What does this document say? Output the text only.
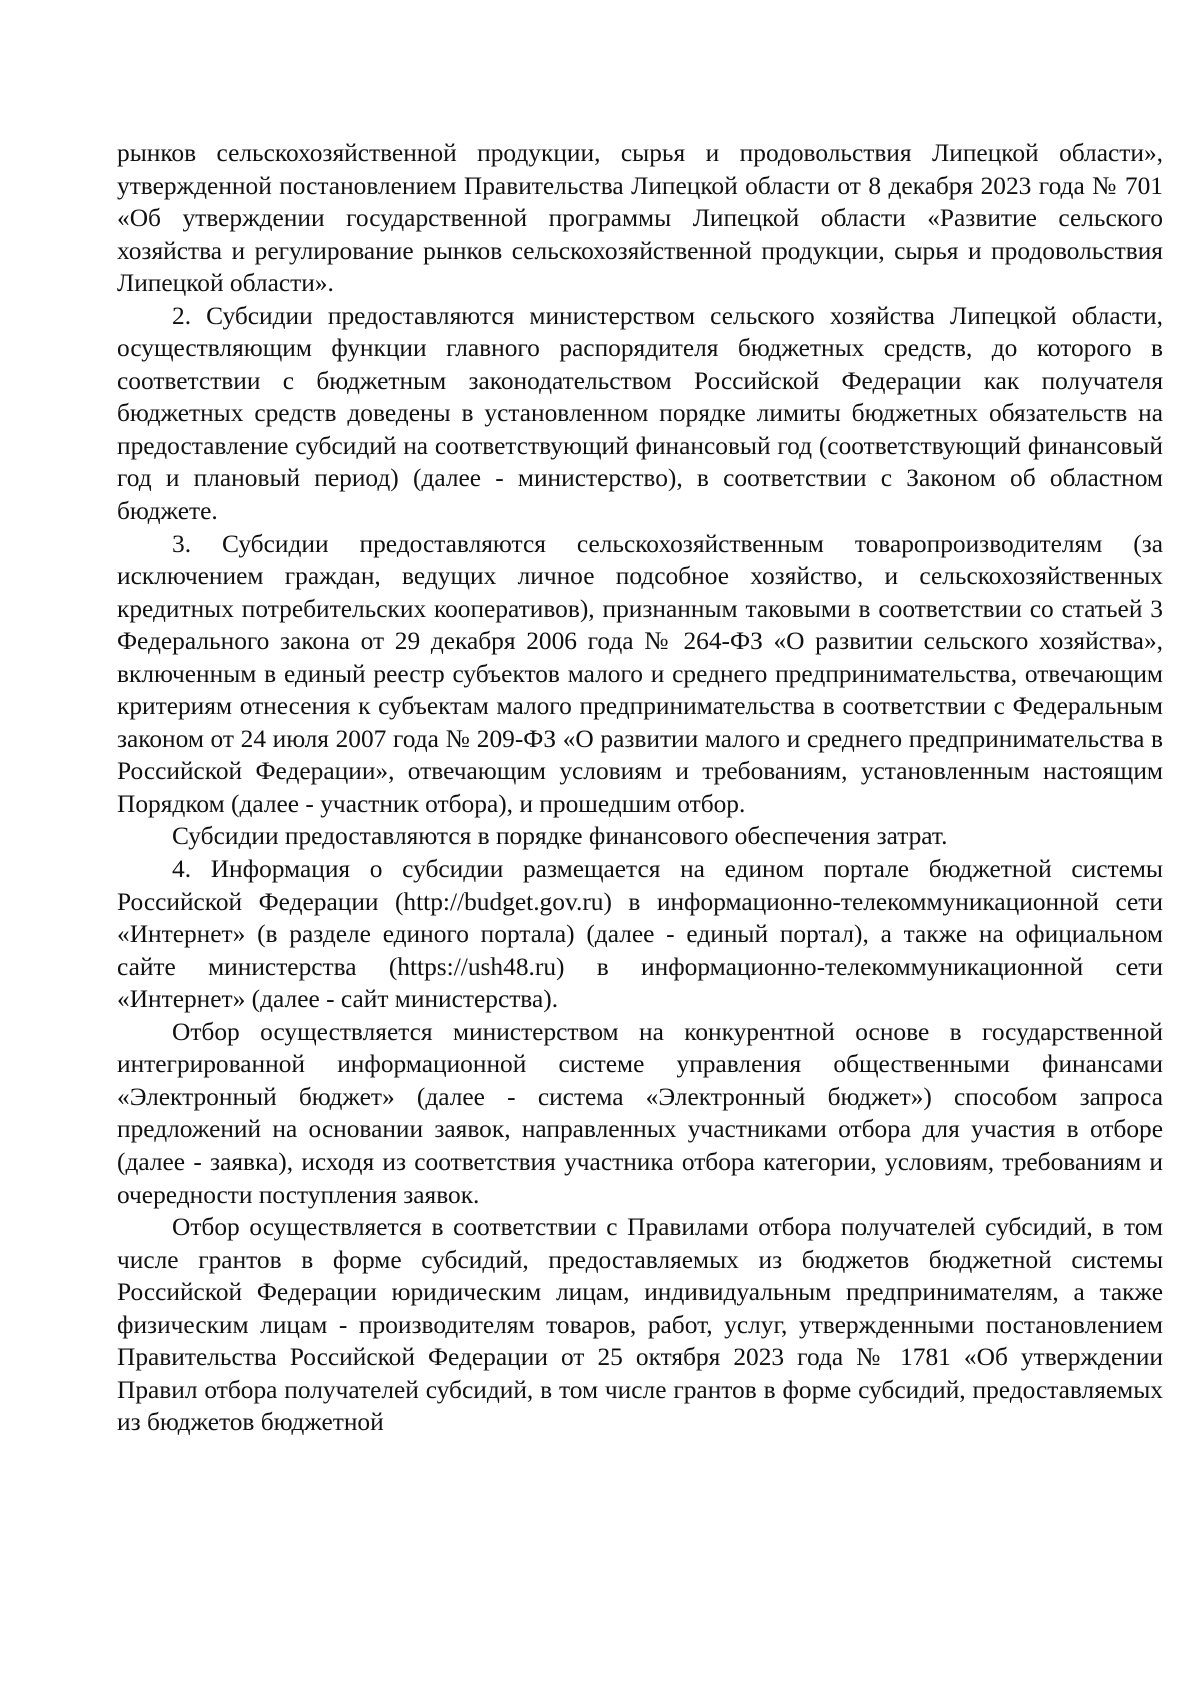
рынков сельскохозяйственной продукции, сырья и продовольствия Липецкой области», утвержденной постановлением Правительства Липецкой области от 8 декабря 2023 года № 701 «Об утверждении государственной программы Липецкой области «Развитие сельского хозяйства и регулирование рынков сельскохозяйственной продукции, сырья и продовольствия Липецкой области».

2. Субсидии предоставляются министерством сельского хозяйства Липецкой области, осуществляющим функции главного распорядителя бюджетных средств, до которого в соответствии с бюджетным законодательством Российской Федерации как получателя бюджетных средств доведены в установленном порядке лимиты бюджетных обязательств на предоставление субсидий на соответствующий финансовый год (соответствующий финансовый год и плановый период) (далее - министерство), в соответствии с Законом об областном бюджете.

3. Субсидии предоставляются сельскохозяйственным товаропроизводителям (за исключением граждан, ведущих личное подсобное хозяйство, и сельскохозяйственных кредитных потребительских кооперативов), признанным таковыми в соответствии со статьей 3 Федерального закона от 29 декабря 2006 года № 264-ФЗ «О развитии сельского хозяйства», включенным в единый реестр субъектов малого и среднего предпринимательства, отвечающим критериям отнесения к субъектам малого предпринимательства в соответствии с Федеральным законом от 24 июля 2007 года № 209-ФЗ «О развитии малого и среднего предпринимательства в Российской Федерации», отвечающим условиям и требованиям, установленным настоящим Порядком (далее - участник отбора), и прошедшим отбор.

Субсидии предоставляются в порядке финансового обеспечения затрат.

4. Информация о субсидии размещается на едином портале бюджетной системы Российской Федерации (http://budget.gov.ru) в информационно-телекоммуникационной сети «Интернет» (в разделе единого портала) (далее - единый портал), а также на официальном сайте министерства (https://ush48.ru) в информационно-телекоммуникационной сети «Интернет» (далее - сайт министерства).

Отбор осуществляется министерством на конкурентной основе в государственной интегрированной информационной системе управления общественными финансами «Электронный бюджет» (далее - система «Электронный бюджет») способом запроса предложений на основании заявок, направленных участниками отбора для участия в отборе (далее - заявка), исходя из соответствия участника отбора категории, условиям, требованиям и очередности поступления заявок.

Отбор осуществляется в соответствии с Правилами отбора получателей субсидий, в том числе грантов в форме субсидий, предоставляемых из бюджетов бюджетной системы Российской Федерации юридическим лицам, индивидуальным предпринимателям, а также физическим лицам - производителям товаров, работ, услуг, утвержденными постановлением Правительства Российской Федерации от 25 октября 2023 года № 1781 «Об утверждении Правил отбора получателей субсидий, в том числе грантов в форме субсидий, предоставляемых из бюджетов бюджетной
